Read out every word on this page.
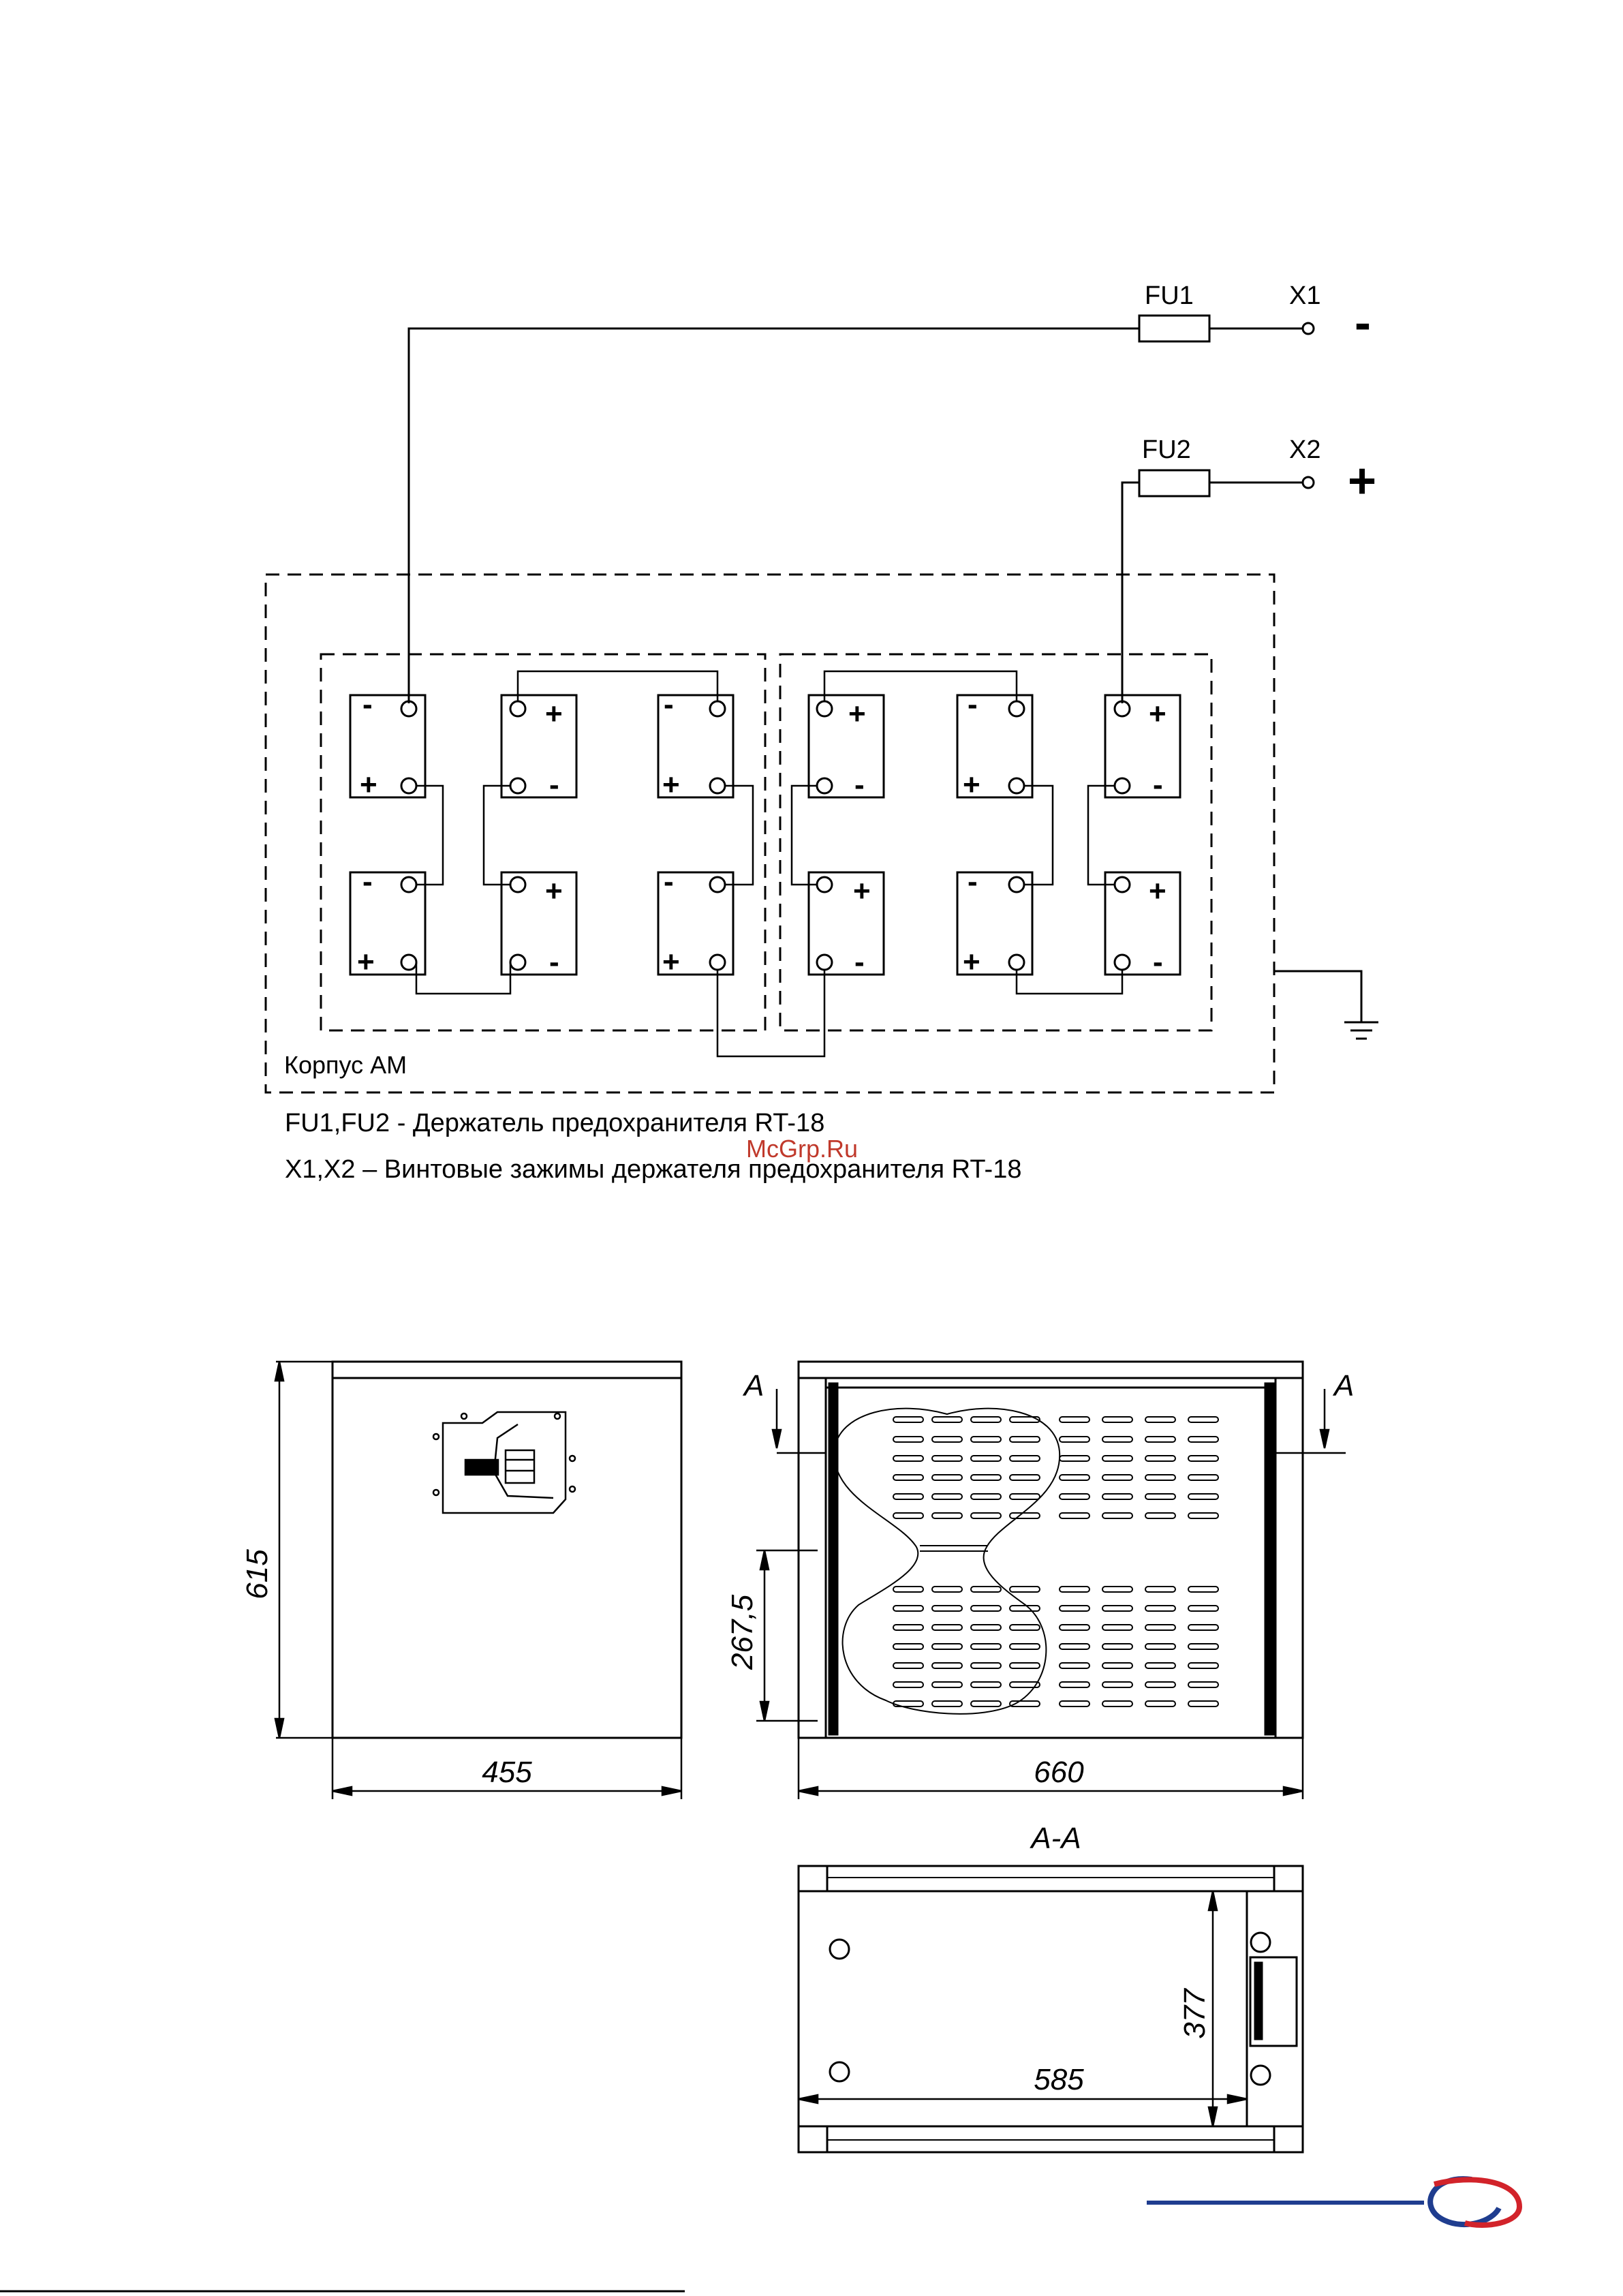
FU1
FU2
X1
X2
-
+
Корпус АМ
-
+
+
-
-
+
+
-
-
+
+
-
-
+
+
-
-
+
+
-
-
+
+
-
FU1,FU2 - Держатель предохранителя RT-18
X1,X2 – Винтовые зажимы держателя предохранителя RT-18
McGrp.Ru
615
455	660
267,5
A	A
A-A
377
585
